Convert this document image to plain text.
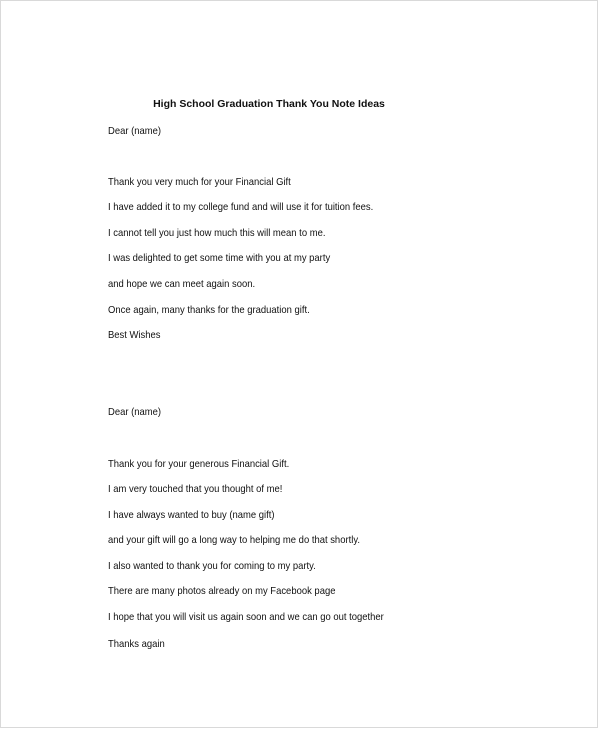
High School Graduation Thank You Note Ideas
Dear (name)
Thank you very much for your Financial Gift
I have added it to my college fund and will use it for tuition fees.
I cannot tell you just how much this will mean to me.
I was delighted to get some time with you at my party
and hope we can meet again soon.
Once again, many thanks for the graduation gift.
Best Wishes
Dear (name)
Thank you for your generous Financial Gift.
I am very touched that you thought of me!
I have always wanted to buy (name gift)
and your gift will go a long way to helping me do that shortly.
I also wanted to thank you for coming to my party.
There are many photos already on my Facebook page
I hope that you will visit us again soon and we can go out together
Thanks again
